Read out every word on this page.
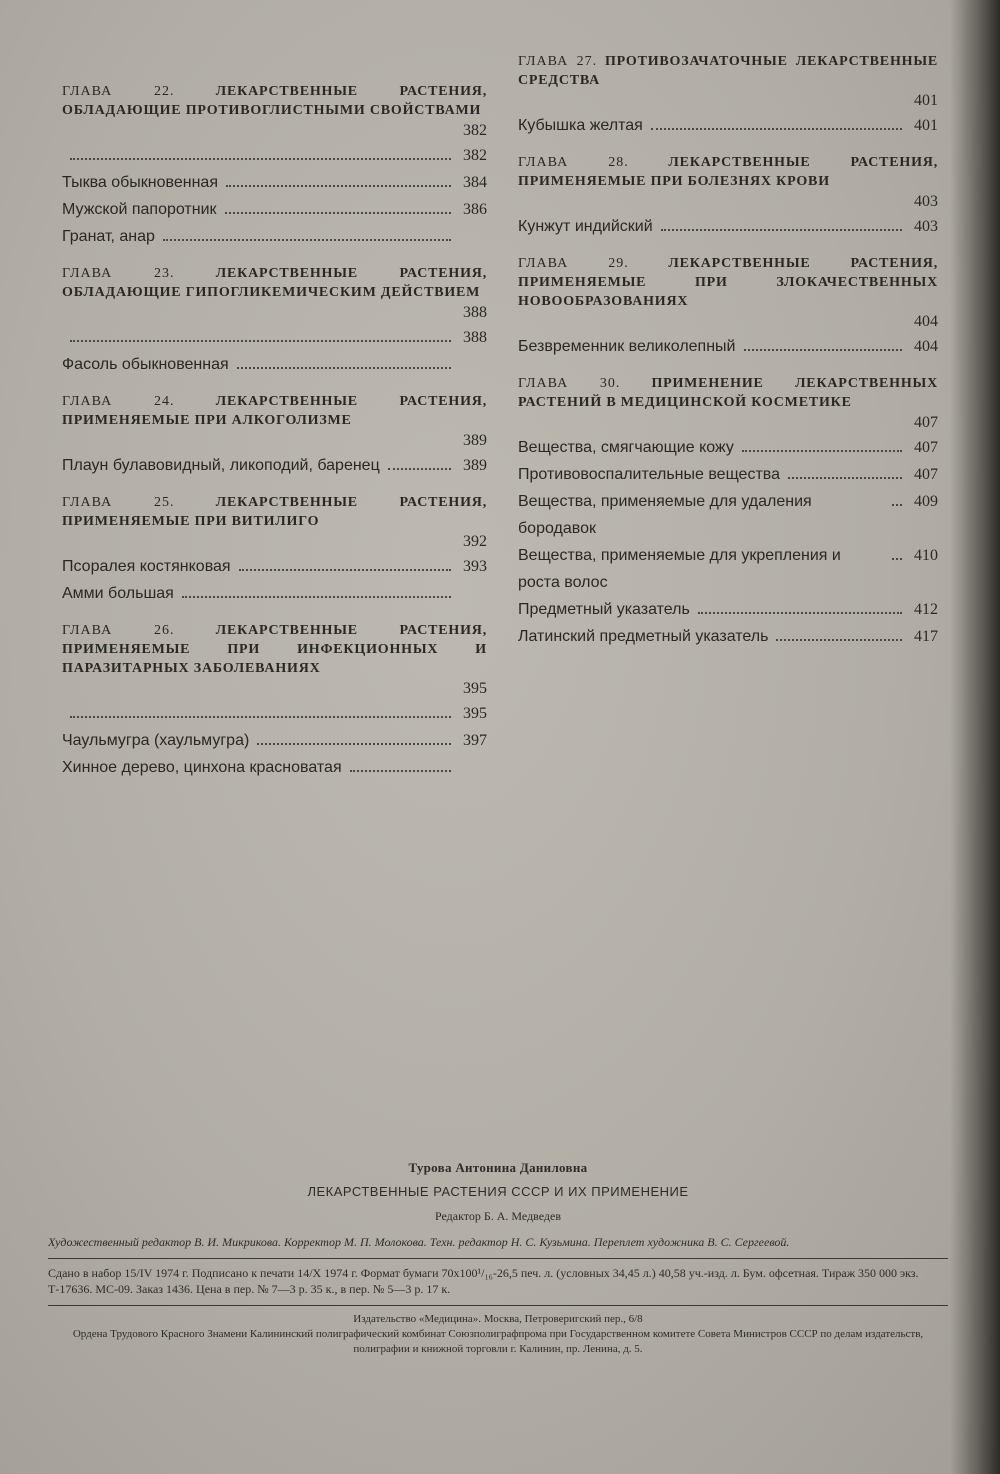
ГЛАВА 22.	ЛЕКАРСТВЕННЫЕ РАСТЕНИЯ, ОБЛАДАЮЩИЕ ПРОТИВОГЛИСТНЫМИ СВОЙСТВАМИ
382
382
Тыква обыкновенная	384
Мужской папоротник	386
Гранат, анар
ГЛАВА 23.	ЛЕКАРСТВЕННЫЕ РАСТЕНИЯ, ОБЛАДАЮЩИЕ ГИПОГЛИКЕМИЧЕСКИМ ДЕЙСТВИЕМ
388
388
Фасоль обыкновенная
ГЛАВА 24.	ЛЕКАРСТВЕННЫЕ РАСТЕНИЯ, ПРИМЕНЯЕМЫЕ ПРИ АЛКОГОЛИЗМЕ
389
Плаун булавовидный, ликоподий, баренец	389
ГЛАВА 25.	ЛЕКАРСТВЕННЫЕ РАСТЕНИЯ, ПРИМЕНЯЕМЫЕ ПРИ ВИТИЛИГО
392
Псоралея костянковая	393
Амми большая
ГЛАВА 26.	ЛЕКАРСТВЕННЫЕ РАСТЕНИЯ, ПРИМЕНЯЕМЫЕ ПРИ ИНФЕКЦИОННЫХ И ПАРАЗИТАРНЫХ ЗАБОЛЕВАНИЯХ
395
395
Чаульмугра (хаульмугра)	397
Хинное дерево, цинхона красноватая
ГЛАВА 27. ПРОТИВОЗАЧАТОЧНЫЕ ЛЕКАРСТВЕННЫЕ СРЕДСТВА
401
Кубышка желтая	401
ГЛАВА 28.	ЛЕКАРСТВЕННЫЕ РАСТЕНИЯ, ПРИМЕНЯЕМЫЕ ПРИ БОЛЕЗНЯХ КРОВИ
403
Кунжут индийский	403
ГЛАВА 29.	ЛЕКАРСТВЕННЫЕ РАСТЕНИЯ, ПРИМЕНЯЕМЫЕ ПРИ ЗЛОКАЧЕСТВЕННЫХ НОВООБРАЗОВАНИЯХ
404
Безвременник великолепный	404
ГЛАВА 30. ПРИМЕНЕНИЕ ЛЕКАРСТВЕННЫХ РАСТЕНИЙ В МЕДИЦИНСКОЙ КОСМЕТИКЕ
407
Вещества, смягчающие кожу	407
Противовоспалительные вещества	407
Вещества, применяемые для удаления бородавок
409
Вещества, применяемые для укрепления и роста волос
410
Предметный указатель	412
Латинский предметный указатель	417
Турова Антонина Даниловна
ЛЕКАРСТВЕННЫЕ РАСТЕНИЯ СССР И ИХ ПРИМЕНЕНИЕ
Редактор Б. А. Медведев
Художественный редактор В. И. Микрикова. Корректор М. П. Молокова. Техн. редактор Н. С. Кузьмина. Переплет художника В. С. Сергеевой.
Сдано в набор 15/IV 1974 г. Подписано к печати 14/X 1974 г. Формат бумаги 70х100¹/₁₆-26,5 печ. л. (условных 34,45 л.) 40,58 уч.-изд. л. Бум. офсетная. Тираж 350 000 экз. Т-17636. МС-09. Заказ 1436. Цена в пер. № 7—3 р. 35 к., в пер. № 5—3 р. 17 к.
Издательство «Медицина». Москва, Петроверигский пер., 6/8
Ордена Трудового Красного Знамени Калининский полиграфический комбинат Союзполиграфпрома при Государственном комитете Совета Министров СССР по делам издательств, полиграфии и книжной торговли г. Калинин, пр. Ленина, д. 5.
